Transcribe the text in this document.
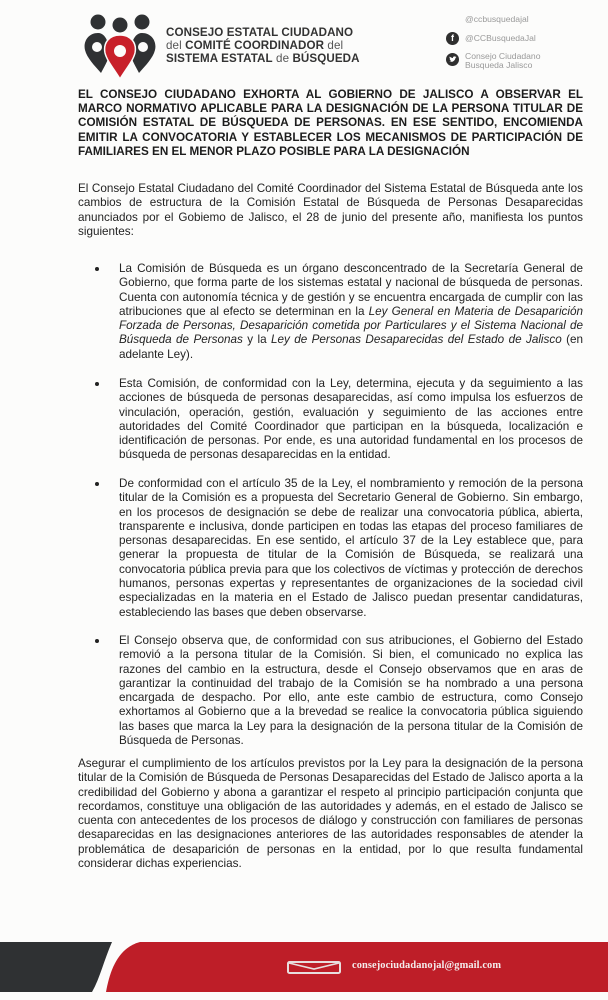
CONSEJO ESTATAL CIUDADANO
del COMITÉ COORDINADOR del
SISTEMA ESTATAL de BÚSQUEDA
@ccbusquedajal
f	@CCBusquedaJal
Consejo Ciudadano
Busqueda Jalisco
EL CONSEJO CIUDADANO EXHORTA AL GOBIERNO DE JALISCO A OBSERVAR EL MARCO NORMATIVO APLICABLE PARA LA DESIGNACIÓN DE LA PERSONA TITULAR DE COMISIÓN ESTATAL DE BÚSQUEDA DE PERSONAS. EN ESE SENTIDO, ENCOMIENDA EMITIR LA CONVOCATORIA Y ESTABLECER LOS MECANISMOS DE PARTICIPACIÓN DE FAMILIARES EN EL MENOR PLAZO POSIBLE PARA LA DESIGNACIÓN
El Consejo Estatal Ciudadano del Comité Coordinador del Sistema Estatal de Búsqueda ante los cambios de estructura de la Comisión Estatal de Búsqueda de Personas Desaparecidas anunciados por el Gobiemo de Jalisco, el 28 de junio del presente año, manifiesta los puntos siguientes:
La Comisión de Búsqueda es un órgano desconcentrado de la Secretaría General de Gobierno, que forma parte de los sistemas estatal y nacional de búsqueda de personas. Cuenta con autonomía técnica y de gestión y se encuentra encargada de cumplir con las atribuciones que al efecto se determinan en la Ley General en Materia de Desaparición Forzada de Personas, Desaparición cometida por Particulares y el Sistema Nacional de Búsqueda de Personas y la Ley de Personas Desaparecidas del Estado de Jalisco (en adelante Ley).
Esta Comisión, de conformidad con la Ley, determina, ejecuta y da seguimiento a las acciones de búsqueda de personas desaparecidas, así como impulsa los esfuerzos de vinculación, operación, gestión, evaluación y seguimiento de las acciones entre autoridades del Comité Coordinador que participan en la búsqueda, localización e identificación de personas. Por ende, es una autoridad fundamental en los procesos de búsqueda de personas desaparecidas en la entidad.
De conformidad con el artículo 35 de la Ley, el nombramiento y remoción de la persona titular de la Comisión es a propuesta del Secretario General de Gobierno. Sin embargo, en los procesos de designación se debe de realizar una convocatoria pública, abierta, transparente e inclusiva, donde participen en todas las etapas del proceso familiares de personas desaparecidas. En ese sentido, el artículo 37 de la Ley establece que, para generar la propuesta de titular de la Comisión de Búsqueda, se realizará una convocatoria pública previa para que los colectivos de víctimas y protección de derechos humanos, personas expertas y representantes de organizaciones de la sociedad civil especializadas en la materia en el Estado de Jalisco puedan presentar candidaturas, estableciendo las bases que deben observarse.
El Consejo observa que, de conformidad con sus atribuciones, el Gobierno del Estado removió a la persona titular de la Comisión. Si bien, el comunicado no explica las razones del cambio en la estructura, desde el Consejo observamos que en aras de garantizar la continuidad del trabajo de la Comisión se ha nombrado a una persona encargada de despacho. Por ello, ante este cambio de estructura, como Consejo exhortamos al Gobierno que a la brevedad se realice la convocatoria pública siguiendo las bases que marca la Ley para la designación de la persona titular de la Comisión de Búsqueda de Personas.
Asegurar el cumplimiento de los artículos previstos por la Ley para la designación de la persona titular de la Comisión de Búsqueda de Personas Desaparecidas del Estado de Jalisco aporta a la credibilidad del Gobierno y abona a garantizar el respeto al principio participación conjunta que recordamos, constituye una obligación de las autoridades y además, en el estado de Jalisco se cuenta con antecedentes de los procesos de diálogo y construcción con familiares de personas desaparecidas en las designaciones anteriores de las autoridades responsables de atender la problemática de desaparición de personas en la entidad, por lo que resulta fundamental considerar dichas experiencias.
consejociudadanojal@gmail.com
